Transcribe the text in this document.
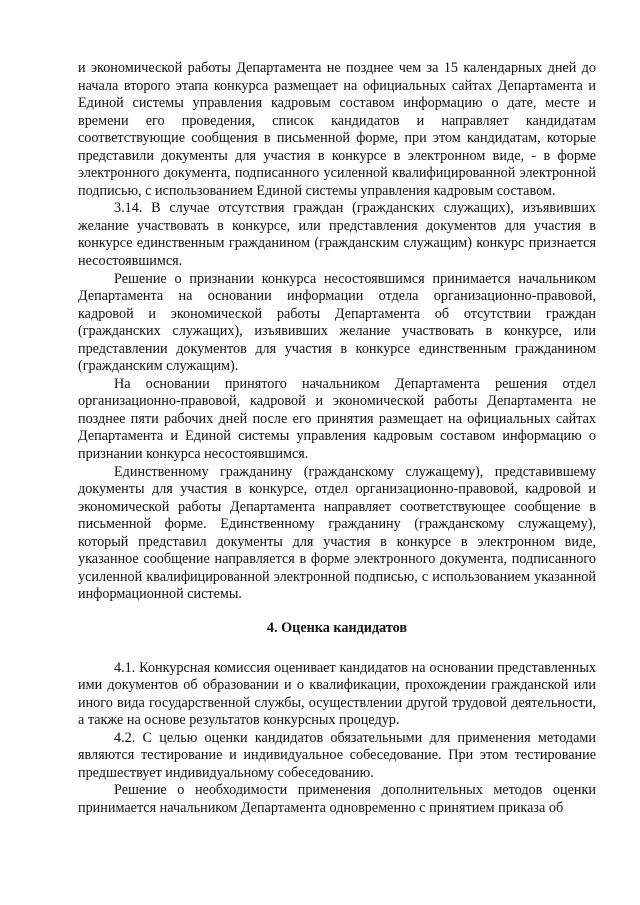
и экономической работы Департамента не позднее чем за 15 календарных дней до начала второго этапа конкурса размещает на официальных сайтах Департамента и Единой системы управления кадровым составом информацию о дате, месте и времени его проведения, список кандидатов и направляет кандидатам соответствующие сообщения в письменной форме, при этом кандидатам, которые представили документы для участия в конкурсе в электронном виде, - в форме электронного документа, подписанного усиленной квалифицированной электронной подписью, с использованием Единой системы управления кадровым составом.

3.14. В случае отсутствия граждан (гражданских служащих), изъявивших желание участвовать в конкурсе, или представления документов для участия в конкурсе единственным гражданином (гражданским служащим) конкурс признается несостоявшимся.

Решение о признании конкурса несостоявшимся принимается начальником Департамента на основании информации отдела организационно-правовой, кадровой и экономической работы Департамента об отсутствии граждан (гражданских служащих), изъявивших желание участвовать в конкурсе, или представлении документов для участия в конкурсе единственным гражданином (гражданским служащим).

На основании принятого начальником Департамента решения отдел организационно-правовой, кадровой и экономической работы Департамента не позднее пяти рабочих дней после его принятия размещает на официальных сайтах Департамента и Единой системы управления кадровым составом информацию о признании конкурса несостоявшимся.

Единственному гражданину (гражданскому служащему), представившему документы для участия в конкурсе, отдел организационно-правовой, кадровой и экономической работы Департамента направляет соответствующее сообщение в письменной форме. Единственному гражданину (гражданскому служащему), который представил документы для участия в конкурсе в электронном виде, указанное сообщение направляется в форме электронного документа, подписанного усиленной квалифицированной электронной подписью, с использованием указанной информационной системы.

4. Оценка кандидатов

4.1. Конкурсная комиссия оценивает кандидатов на основании представленных ими документов об образовании и о квалификации, прохождении гражданской или иного вида государственной службы, осуществлении другой трудовой деятельности, а также на основе результатов конкурсных процедур.

4.2. С целью оценки кандидатов обязательными для применения методами являются тестирование и индивидуальное собеседование. При этом тестирование предшествует индивидуальному собеседованию.

Решение о необходимости применения дополнительных методов оценки принимается начальником Департамента одновременно с принятием приказа об
